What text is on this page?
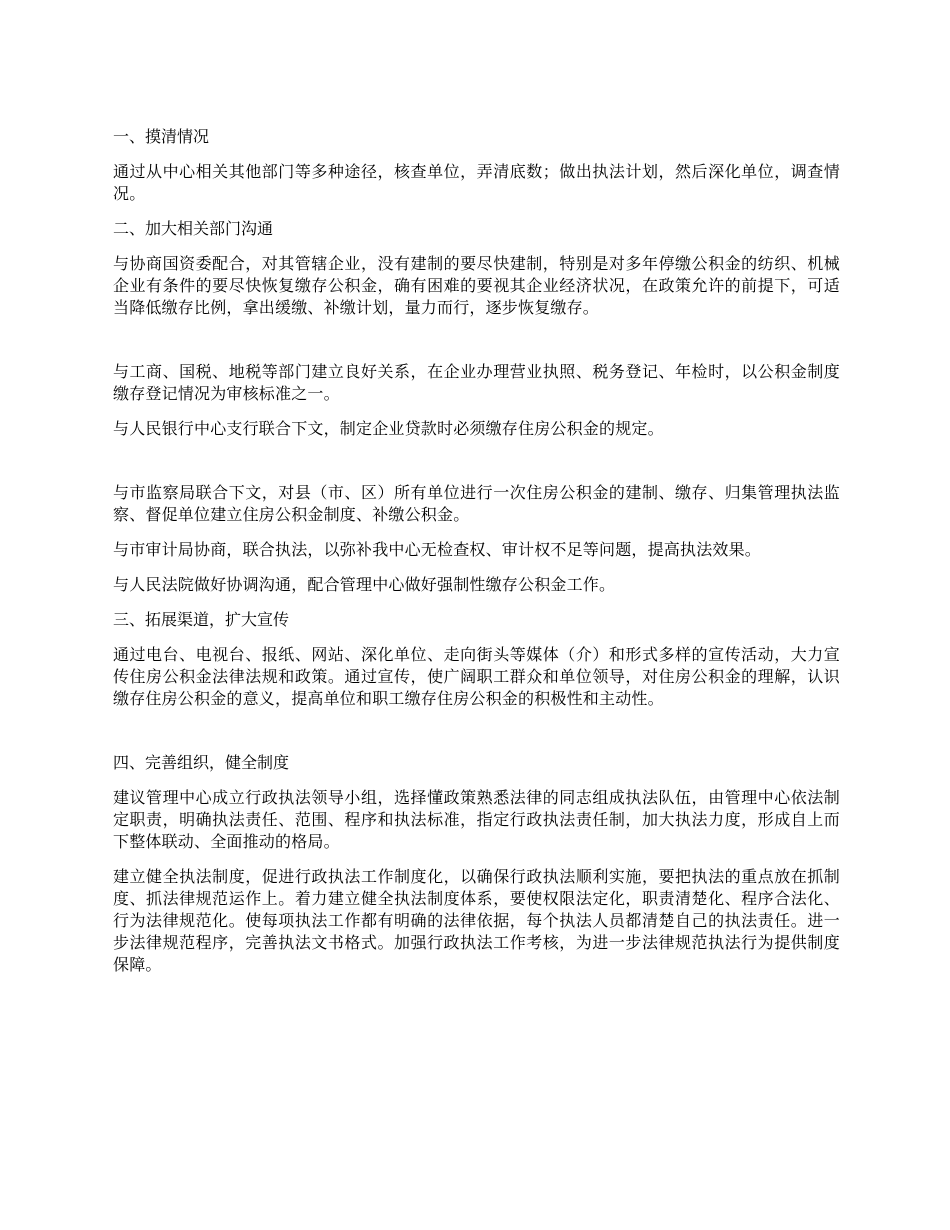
一、摸清情况
通过从中心相关其他部门等多种途径，核查单位，弄清底数；做出执法计划，然后深化单位，调查情况。
二、加大相关部门沟通
与协商国资委配合，对其管辖企业，没有建制的要尽快建制，特别是对多年停缴公积金的纺织、机械企业有条件的要尽快恢复缴存公积金，确有困难的要视其企业经济状况，在政策允许的前提下，可适当降低缴存比例，拿出缓缴、补缴计划，量力而行，逐步恢复缴存。
与工商、国税、地税等部门建立良好关系，在企业办理营业执照、税务登记、年检时，以公积金制度缴存登记情况为审核标准之一。
与人民银行中心支行联合下文，制定企业贷款时必须缴存住房公积金的规定。
与市监察局联合下文，对县（市、区）所有单位进行一次住房公积金的建制、缴存、归集管理执法监察、督促单位建立住房公积金制度、补缴公积金。
与市审计局协商，联合执法，以弥补我中心无检查权、审计权不足等问题，提高执法效果。
与人民法院做好协调沟通，配合管理中心做好强制性缴存公积金工作。
三、拓展渠道，扩大宣传
通过电台、电视台、报纸、网站、深化单位、走向街头等媒体（介）和形式多样的宣传活动，大力宣传住房公积金法律法规和政策。通过宣传，使广阔职工群众和单位领导，对住房公积金的理解，认识缴存住房公积金的意义，提高单位和职工缴存住房公积金的积极性和主动性。
四、完善组织，健全制度
建议管理中心成立行政执法领导小组，选择懂政策熟悉法律的同志组成执法队伍，由管理中心依法制定职责，明确执法责任、范围、程序和执法标准，指定行政执法责任制，加大执法力度，形成自上而下整体联动、全面推动的格局。
建立健全执法制度，促进行政执法工作制度化，以确保行政执法顺利实施，要把执法的重点放在抓制度、抓法律规范运作上。着力建立健全执法制度体系，要使权限法定化，职责清楚化、程序合法化、行为法律规范化。使每项执法工作都有明确的法律依据，每个执法人员都清楚自己的执法责任。进一步法律规范程序，完善执法文书格式。加强行政执法工作考核，为进一步法律规范执法行为提供制度保障。
